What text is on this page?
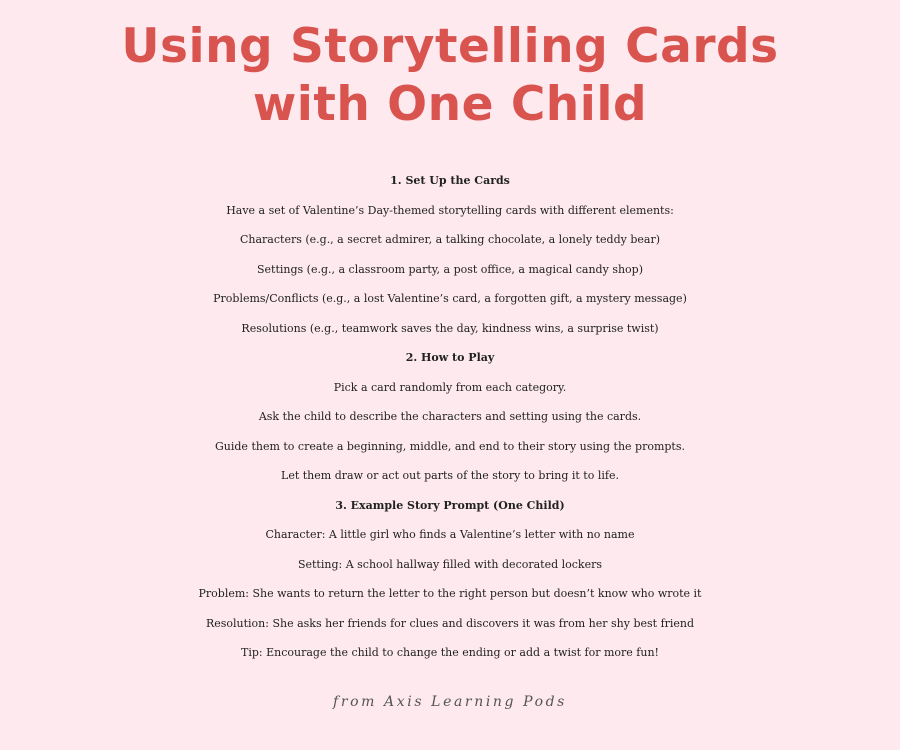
Using Storytelling Cards
with One Child
1. Set Up the Cards
Have a set of Valentine’s Day-themed storytelling cards with different elements:
Characters (e.g., a secret admirer, a talking chocolate, a lonely teddy bear)
Settings (e.g., a classroom party, a post office, a magical candy shop)
Problems/Conflicts (e.g., a lost Valentine’s card, a forgotten gift, a mystery message)
Resolutions (e.g., teamwork saves the day, kindness wins, a surprise twist)
2. How to Play
Pick a card randomly from each category.
Ask the child to describe the characters and setting using the cards.
Guide them to create a beginning, middle, and end to their story using the prompts.
Let them draw or act out parts of the story to bring it to life.
3. Example Story Prompt (One Child)
Character: A little girl who finds a Valentine’s letter with no name
Setting: A school hallway filled with decorated lockers
Problem: She wants to return the letter to the right person but doesn’t know who wrote it
Resolution: She asks her friends for clues and discovers it was from her shy best friend
Tip: Encourage the child to change the ending or add a twist for more fun!
from Axis Learning Pods
